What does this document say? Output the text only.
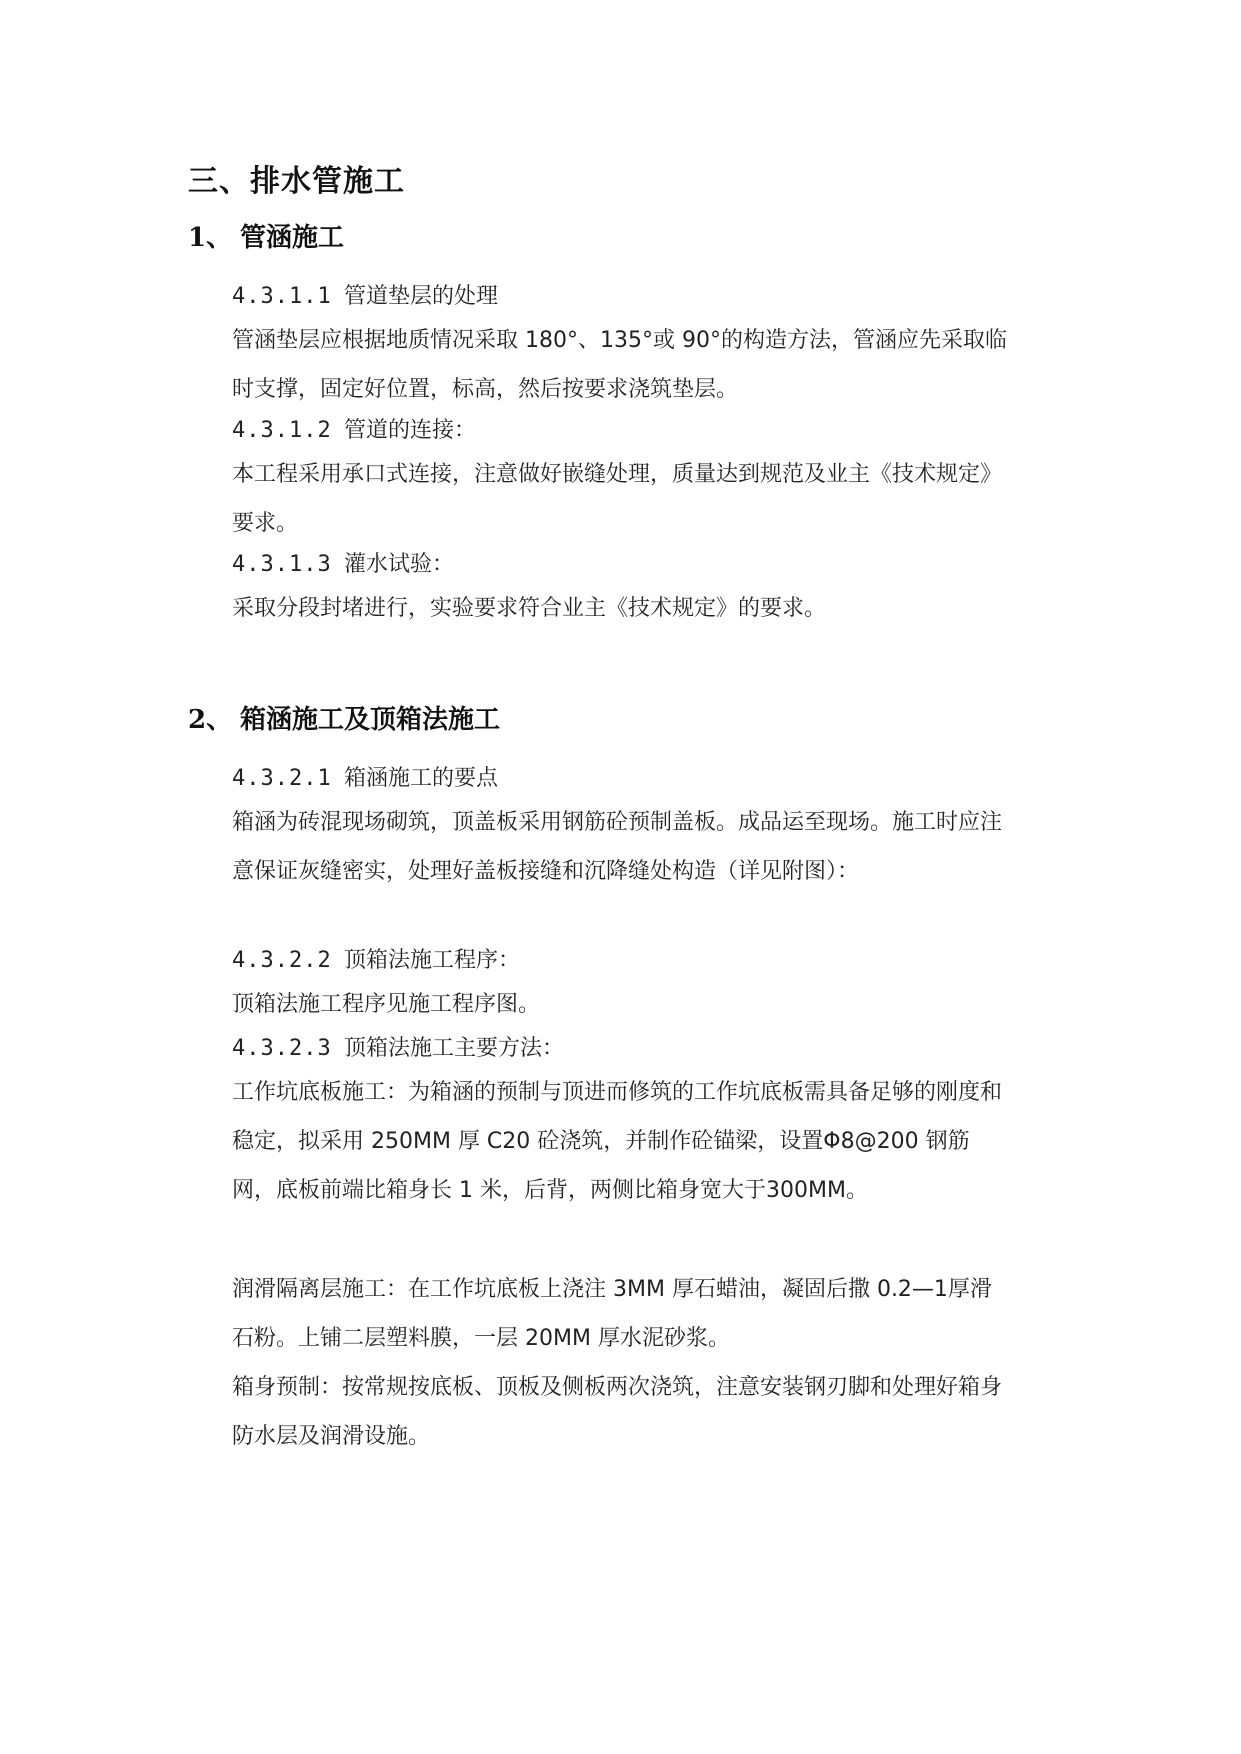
三、排水管施工
1、 管涵施工
4.3.1.1 管道垫层的处理

管涵垫层应根据地质情况采取 180°、135°或 90°的构造方法，管涵应先采取临时支撑，固定好位置，标高，然后按要求浇筑垫层。

4.3.1.2 管道的连接：

本工程采用承口式连接，注意做好嵌缝处理，质量达到规范及业主《技术规定》要求。

4.3.1.3 灌水试验：

采取分段封堵进行，实验要求符合业主《技术规定》的要求。

2、 箱涵施工及顶箱法施工
4.3.2.1 箱涵施工的要点

箱涵为砖混现场砌筑，顶盖板采用钢筋砼预制盖板。成品运至现场。施工时应注意保证灰缝密实，处理好盖板接缝和沉降缝处构造（详见附图）：

4.3.2.2 顶箱法施工程序：

顶箱法施工程序见施工程序图。

4.3.2.3 顶箱法施工主要方法：

工作坑底板施工：为箱涵的预制与顶进而修筑的工作坑底板需具备足够的刚度和稳定，拟采用 250MM 厚 C20 砼浇筑，并制作砼锚梁，设置Φ8@200 钢筋网，底板前端比箱身长 1 米，后背，两侧比箱身宽大于300MM。

润滑隔离层施工：在工作坑底板上浇注 3MM 厚石蜡油，凝固后撒 0.2—1厚滑石粉。上铺二层塑料膜，一层 20MM 厚水泥砂浆。

箱身预制：按常规按底板、顶板及侧板两次浇筑，注意安装钢刃脚和处理好箱身防水层及润滑设施。
